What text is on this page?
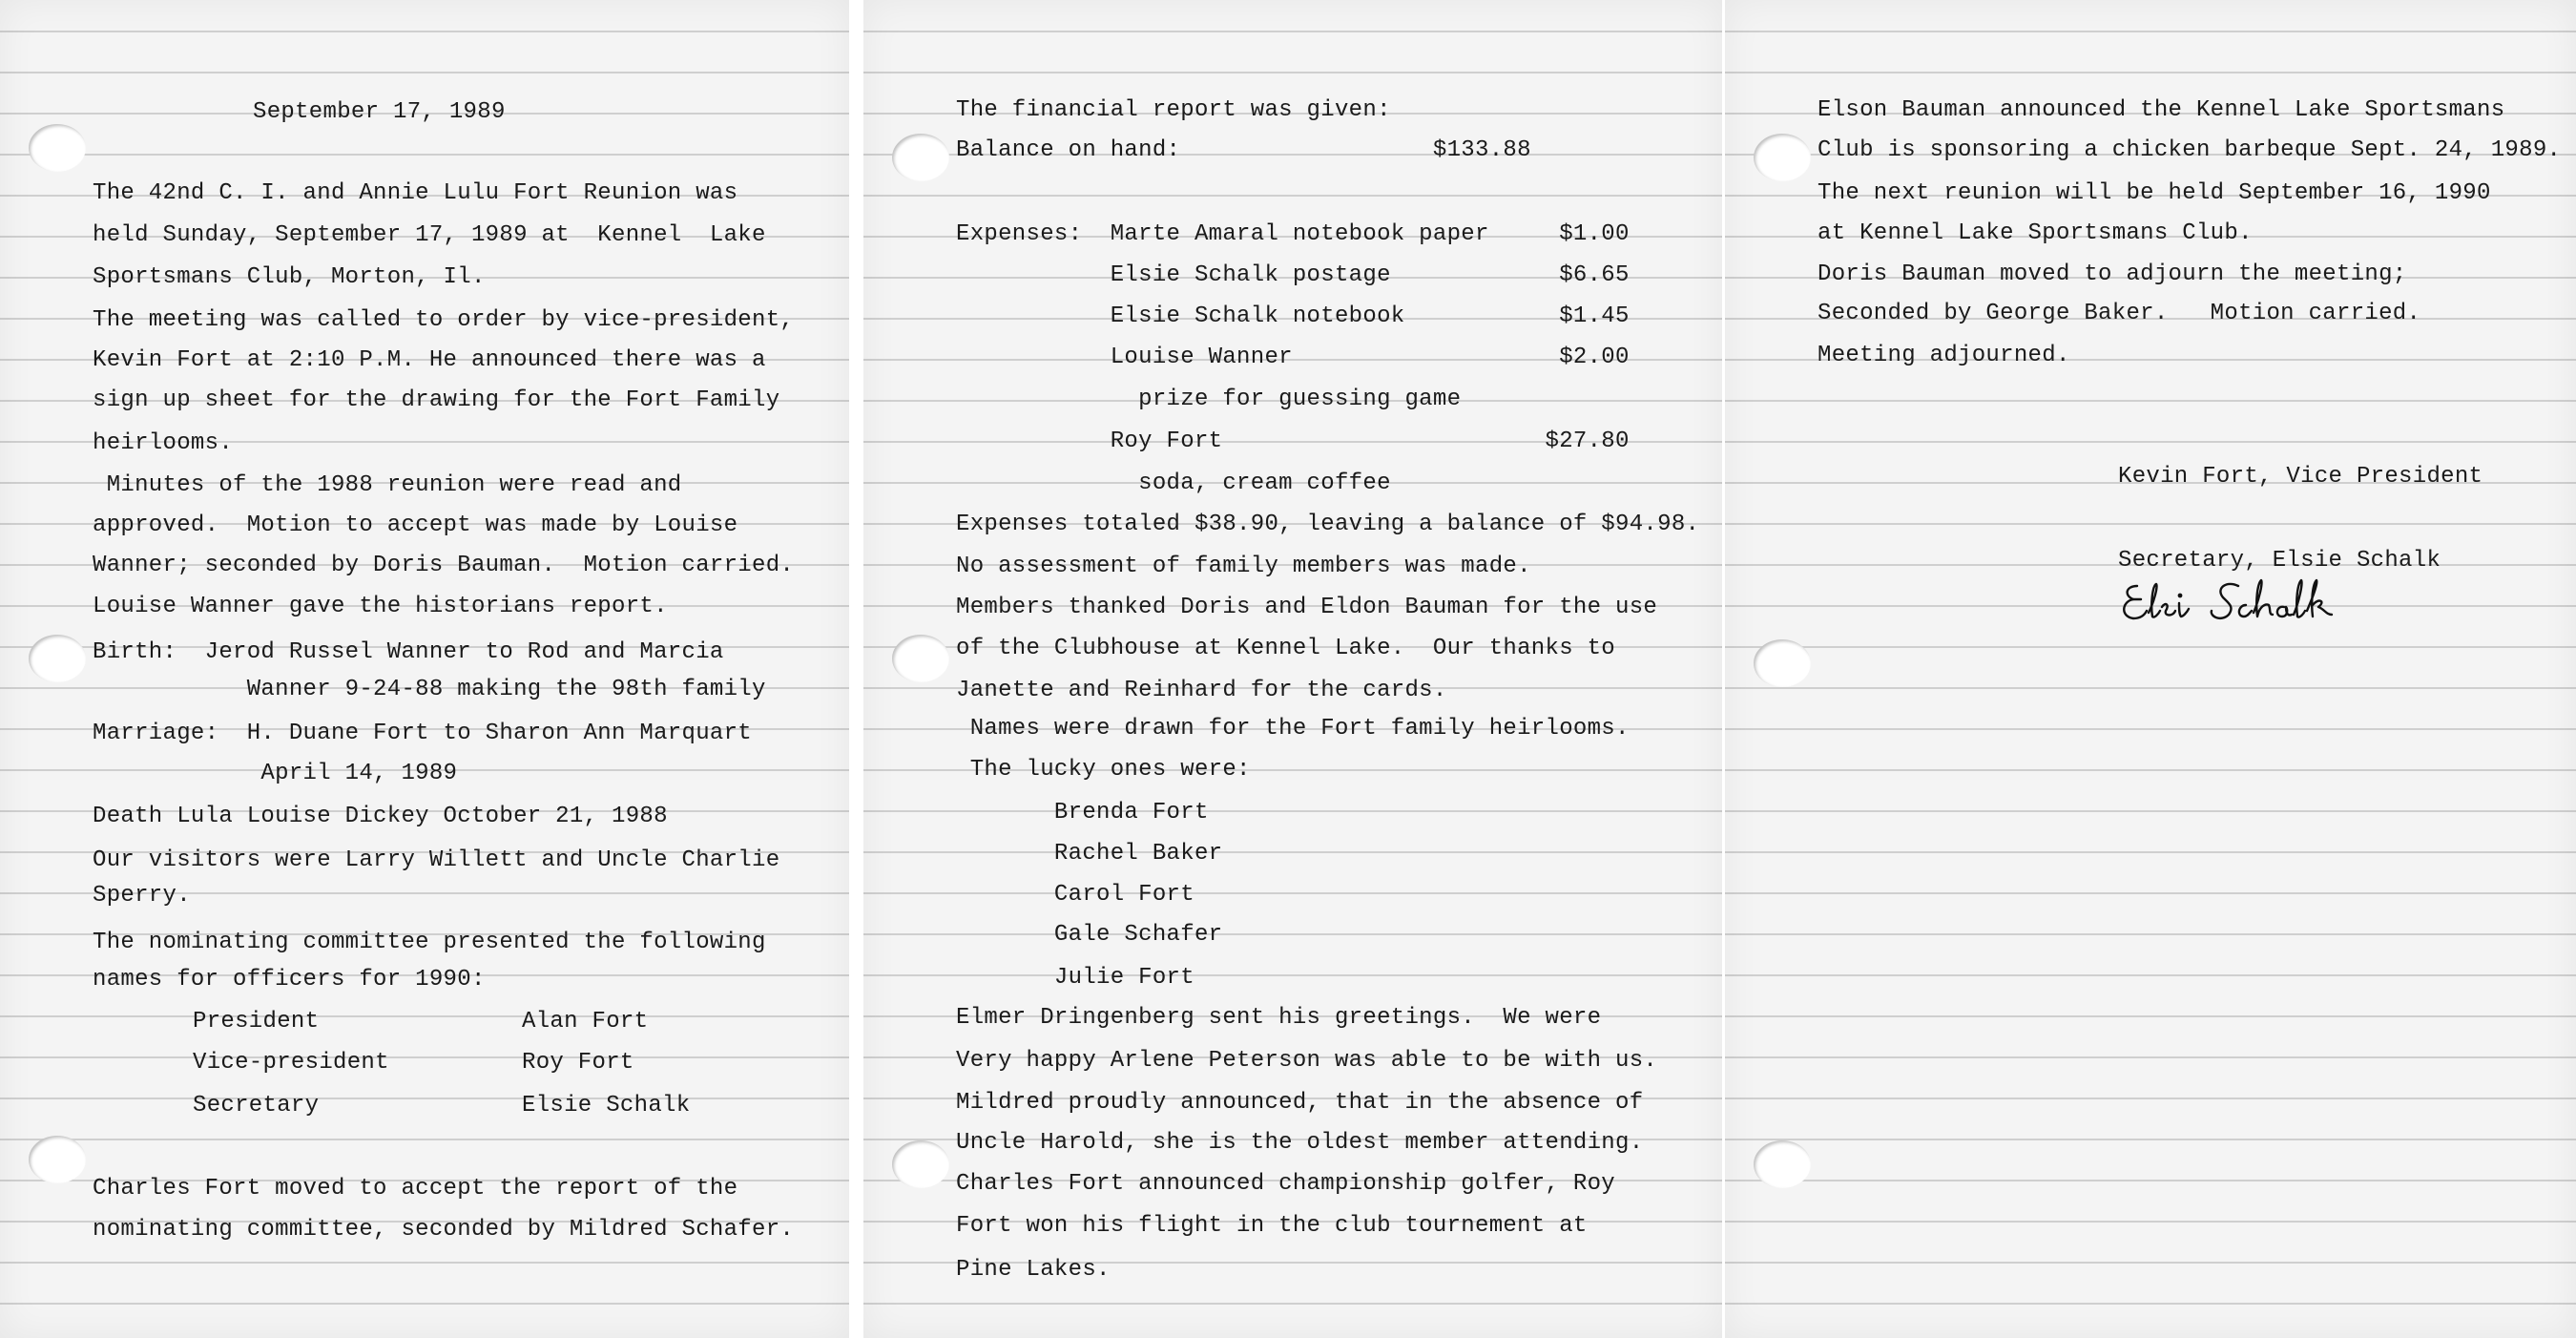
September 17, 1989
The 42nd C. I. and Annie Lulu Fort Reunion was
held Sunday, September 17, 1989 at  Kennel  Lake
Sportsmans Club, Morton, Il.
The meeting was called to order by vice-president,
Kevin Fort at 2:10 P.M. He announced there was a
sign up sheet for the drawing for the Fort Family
heirlooms.
Minutes of the 1988 reunion were read and
approved.  Motion to accept was made by Louise
Wanner; seconded by Doris Bauman.  Motion carried.
Louise Wanner gave the historians report.
Birth:  Jerod Russel Wanner to Rod and Marcia
Wanner 9-24-88 making the 98th family
Marriage:  H. Duane Fort to Sharon Ann Marquart
April 14, 1989
Death Lula Louise Dickey October 21, 1988
Our visitors were Larry Willett and Uncle Charlie
Sperry.
The nominating committee presented the following
names for officers for 1990:
President	Alan Fort
Vice-president	Roy Fort
Secretary	Elsie Schalk
Charles Fort moved to accept the report of the
nominating committee, seconded by Mildred Schafer.
The financial report was given:
Balance on hand:                  $133.88
Expenses:  Marte Amaral notebook paper     $1.00
Elsie Schalk postage            $6.65
Elsie Schalk notebook           $1.45
Louise Wanner                   $2.00
prize for guessing game
Roy Fort                       $27.80
soda, cream coffee
Expenses totaled $38.90, leaving a balance of $94.98.
No assessment of family members was made.
Members thanked Doris and Eldon Bauman for the use
of the Clubhouse at Kennel Lake.  Our thanks to
Janette and Reinhard for the cards.
Names were drawn for the Fort family heirlooms.
The lucky ones were:
Brenda Fort
Rachel Baker
Carol Fort
Gale Schafer
Julie Fort
Elmer Dringenberg sent his greetings.  We were
Very happy Arlene Peterson was able to be with us.
Mildred proudly announced, that in the absence of
Uncle Harold, she is the oldest member attending.
Charles Fort announced championship golfer, Roy
Fort won his flight in the club tournement at
Pine Lakes.
Elson Bauman announced the Kennel Lake Sportsmans
Club is sponsoring a chicken barbeque Sept. 24, 1989.
The next reunion will be held September 16, 1990
at Kennel Lake Sportsmans Club.
Doris Bauman moved to adjourn the meeting;
Seconded by George Baker.   Motion carried.
Meeting adjourned.
Kevin Fort, Vice President
Secretary, Elsie Schalk
